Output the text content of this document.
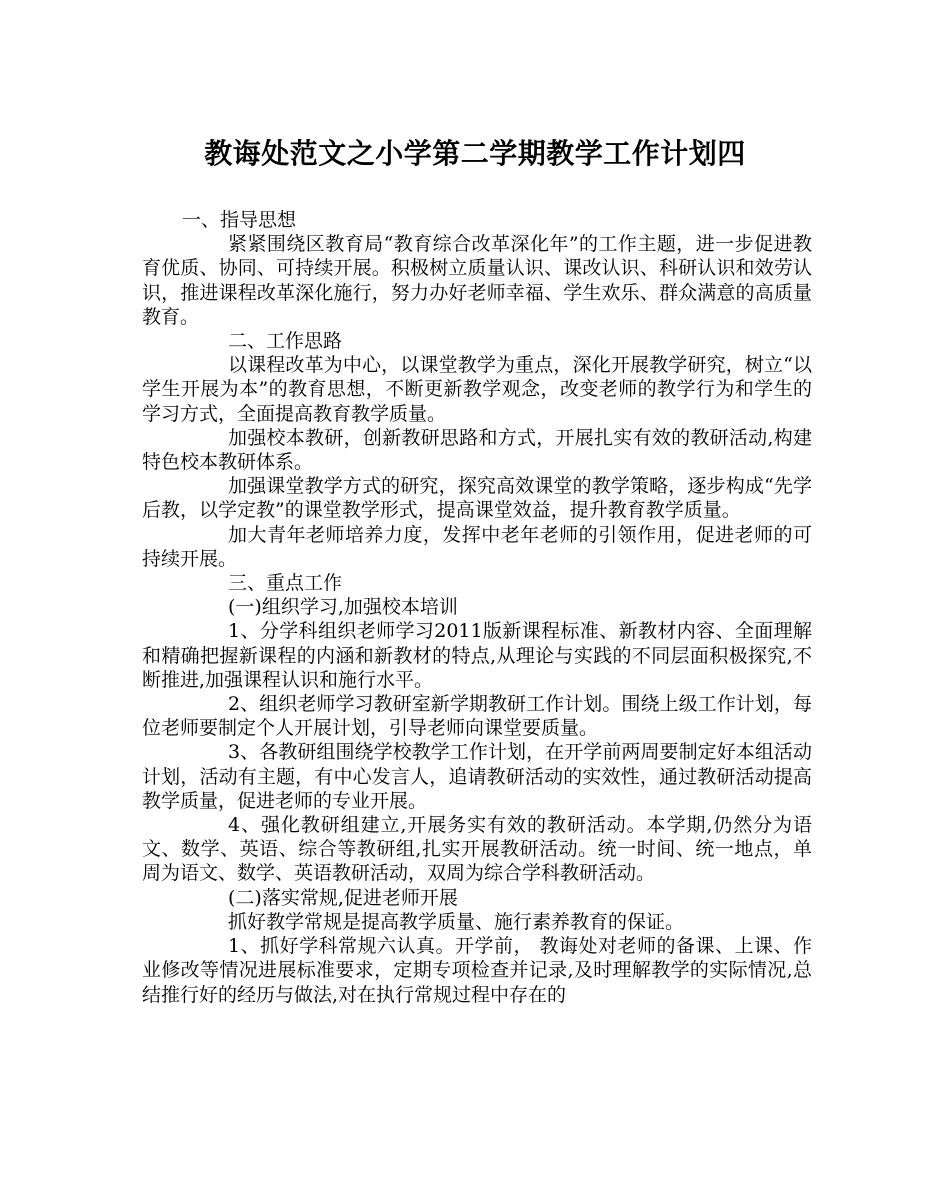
教诲处范文之小学第二学期教学工作计划四

一、指导思想

紧紧围绕区教育局“教育综合改革深化年”的工作主题，进一步促进教育优质、协同、可持续开展。积极树立质量认识、课改认识、科研认识和效劳认识，推进课程改革深化施行，努力办好老师幸福、学生欢乐、群众满意的高质量教育。

二、工作思路

以课程改革为中心，以课堂教学为重点，深化开展教学研究，树立“以学生开展为本”的教育思想，不断更新教学观念，改变老师的教学行为和学生的学习方式，全面提高教育教学质量。

加强校本教研，创新教研思路和方式，开展扎实有效的教研活动,构建特色校本教研体系。

加强课堂教学方式的研究，探究高效课堂的教学策略，逐步构成“先学后教，以学定教”的课堂教学形式，提高课堂效益，提升教育教学质量。

加大青年老师培养力度，发挥中老年老师的引领作用，促进老师的可持续开展。

三、重点工作

(一)组织学习,加强校本培训

1、分学科组织老师学习2011版新课程标准、新教材内容、全面理解和精确把握新课程的内涵和新教材的特点,从理论与实践的不同层面积极探究,不断推进,加强课程认识和施行水平。

2、组织老师学习教研室新学期教研工作计划。围绕上级工作计划，每位老师要制定个人开展计划，引导老师向课堂要质量。

3、各教研组围绕学校教学工作计划，在开学前两周要制定好本组活动计划，活动有主题，有中心发言人，追请教研活动的实效性，通过教研活动提高教学质量，促进老师的专业开展。

4、强化教研组建立,开展务实有效的教研活动。本学期,仍然分为语文、数学、英语、综合等教研组,扎实开展教研活动。统一时间、统一地点，单周为语文、数学、英语教研活动，双周为综合学科教研活动。

(二)落实常规,促进老师开展

抓好教学常规是提高教学质量、施行素养教育的保证。

1、抓好学科常规六认真。开学前， 教诲处对老师的备课、上课、作业修改等情况进展标准要求，定期专项检查并记录,及时理解教学的实际情况,总结推行好的经历与做法,对在执行常规过程中存在的
